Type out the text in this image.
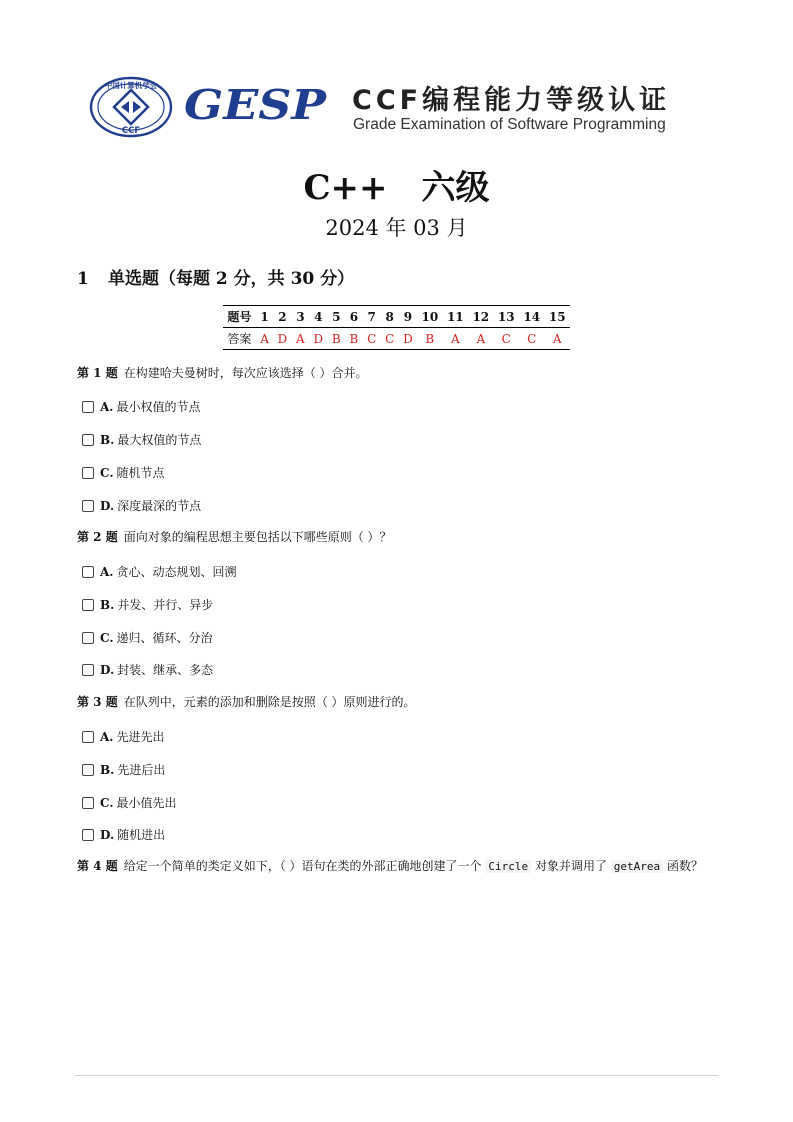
中国计算机学会
CCF
GESP CCF编程能力等级认证
Grade Examination of Software Programming
C++　六级
2024 年 03 月
1 单选题（每题 2 分，共 30 分）
题号	1	2	3	4	5	6	7	8	9	10	11	12	13	14	15
答案	A	D	A	D	B	B	C	C	D	B	A	A	C	C	A
第 1 题 在构建哈夫曼树时，每次应该选择（ ）合并。
A. 最小权值的节点
B. 最大权值的节点
C. 随机节点
D. 深度最深的节点
第 2 题 面向对象的编程思想主要包括以下哪些原则（ ）？
A. 贪心、动态规划、回溯
B. 并发、并行、异步
C. 递归、循环、分治
D. 封装、继承、多态
第 3 题 在队列中，元素的添加和删除是按照（ ）原则进行的。
A. 先进先出
B. 先进后出
C. 最小值先出
D. 随机进出
第 4 题 给定一个简单的类定义如下，（ ）语句在类的外部正确地创建了一个 Circle 对象并调用了 getArea 函数？
